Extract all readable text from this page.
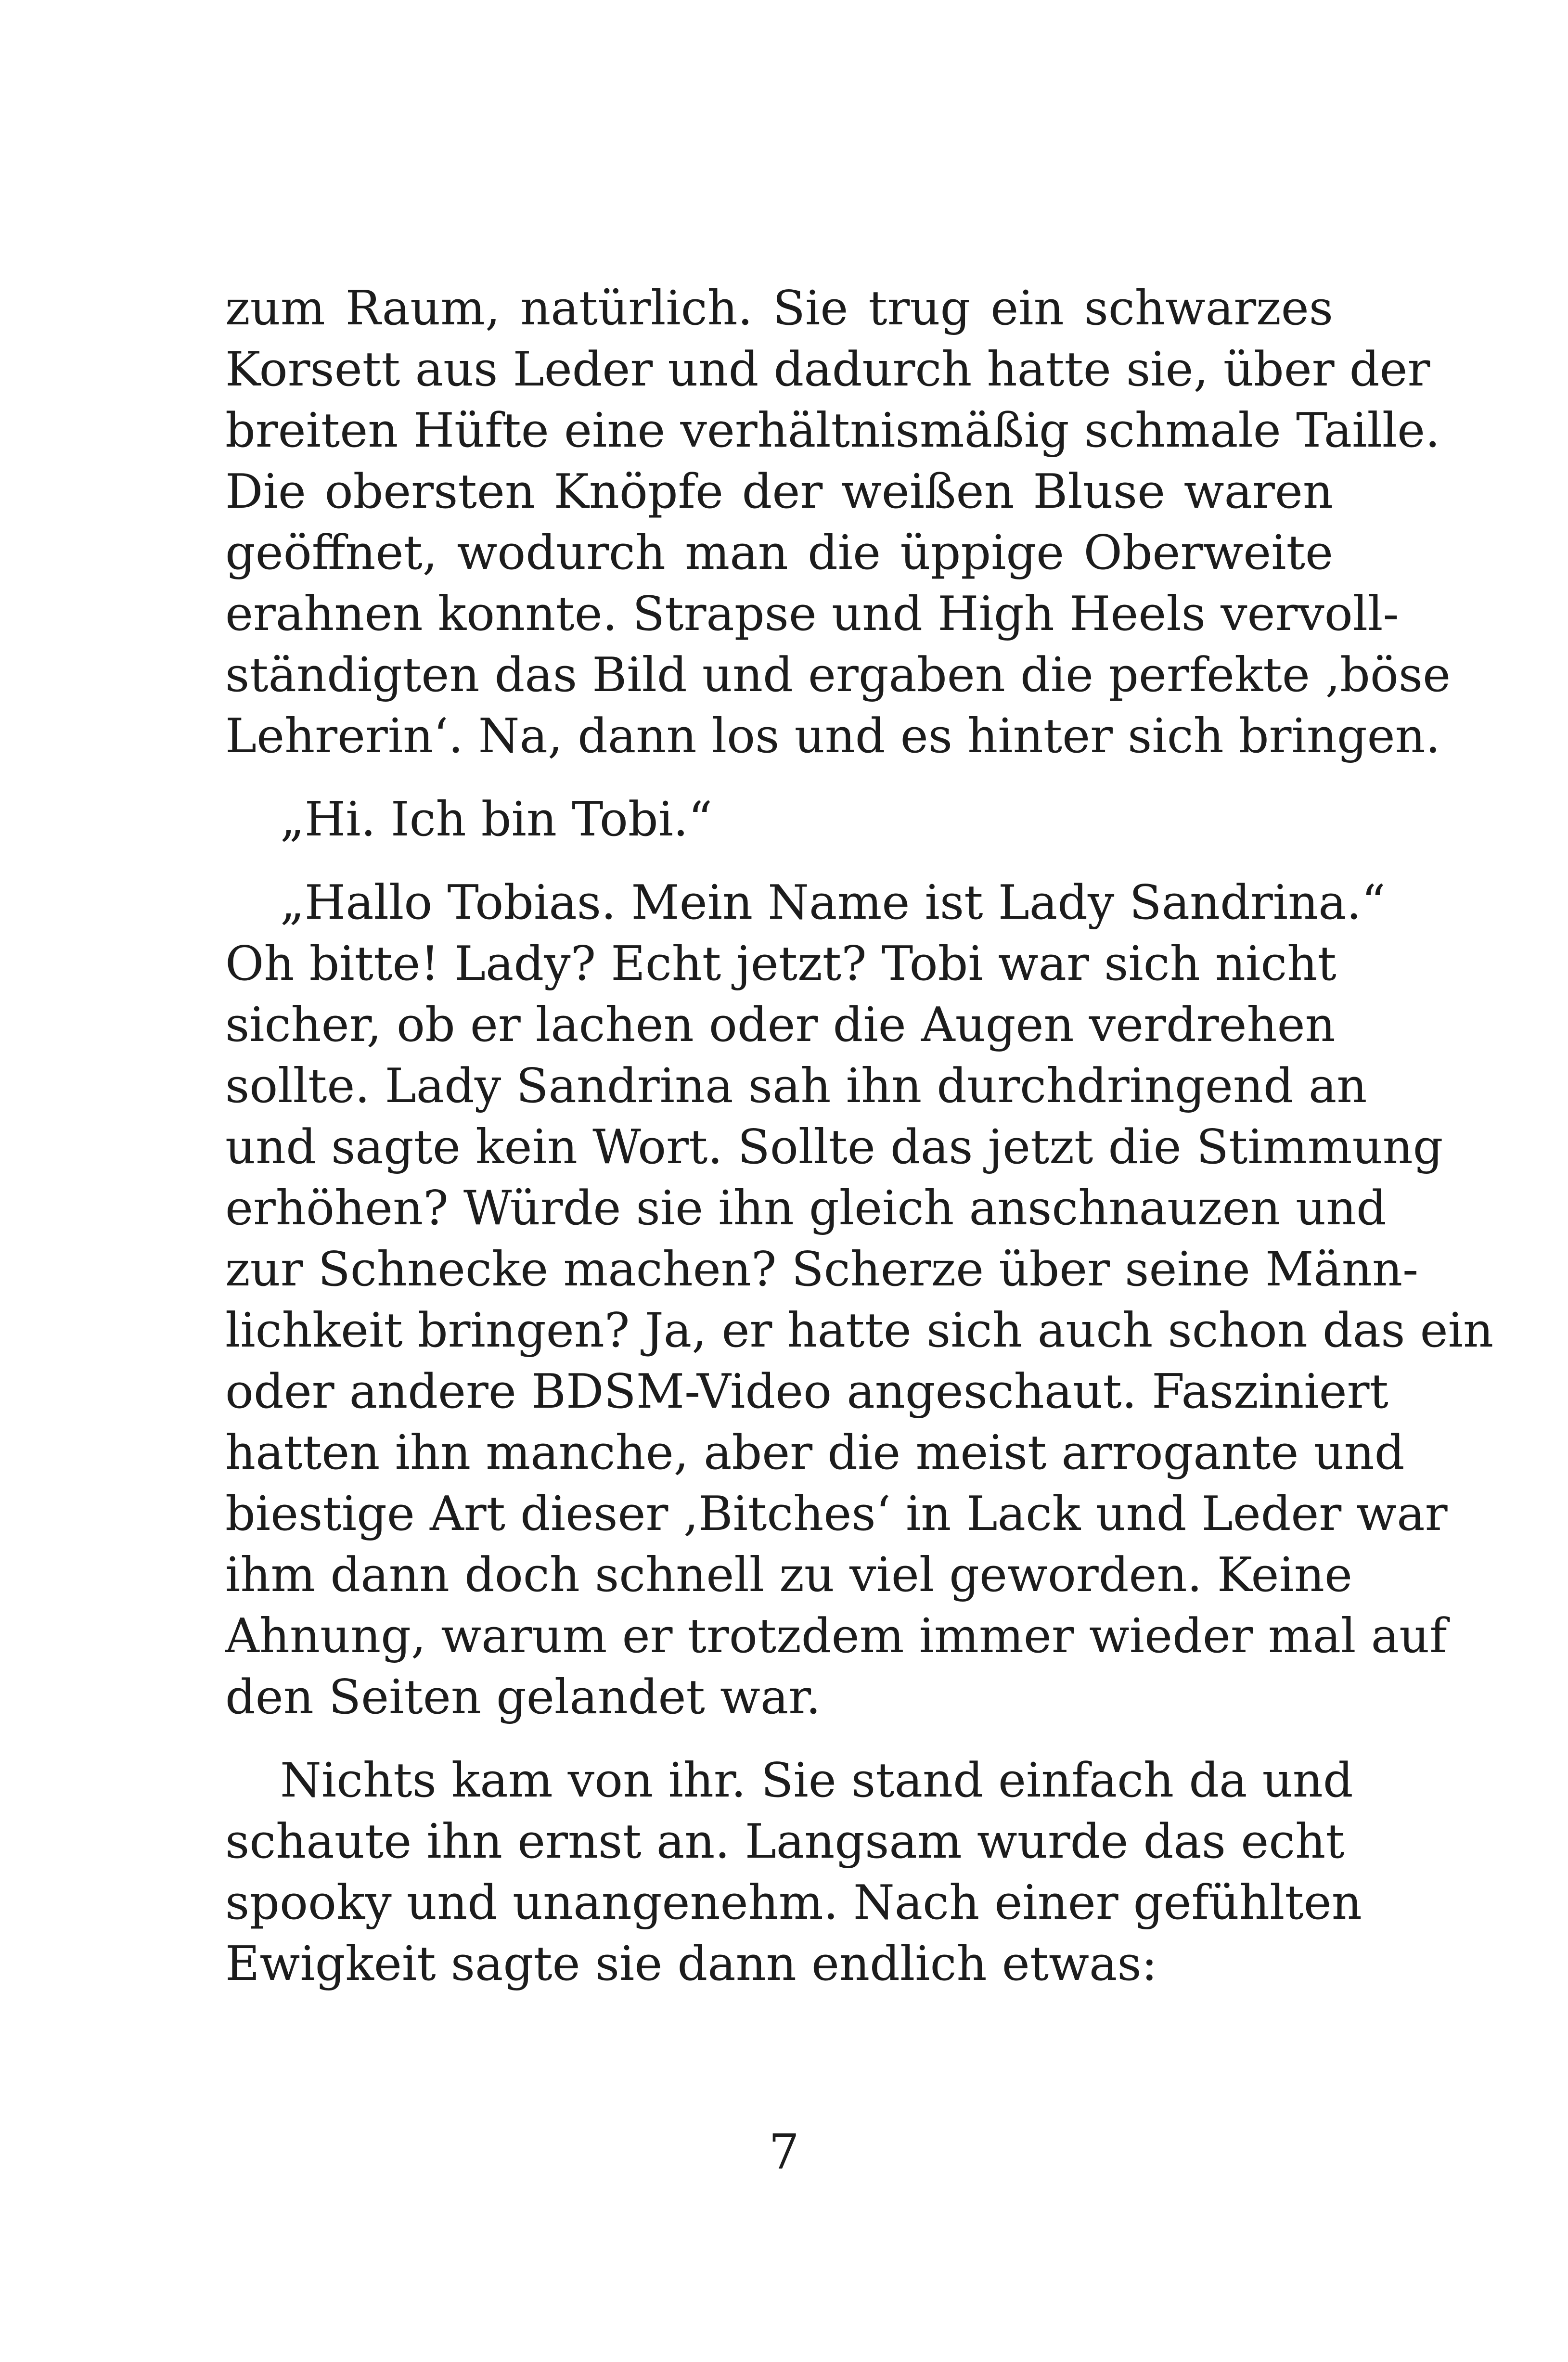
zum Raum, natürlich. Sie trug ein schwarzes
Korsett aus Leder und dadurch hatte sie, über der
breiten Hüfte eine verhältnismäßig schmale Taille.
Die obersten Knöpfe der weißen Bluse waren
geöffnet, wodurch man die üppige Oberweite
erahnen konnte. Strapse und High Heels vervoll-
ständigten das Bild und ergaben die perfekte ‚böse
Lehrerin‘. Na, dann los und es hinter sich bringen.
„Hi. Ich bin Tobi.“
„Hallo Tobias. Mein Name ist Lady Sandrina.“
Oh bitte! Lady? Echt jetzt? Tobi war sich nicht
sicher, ob er lachen oder die Augen verdrehen
sollte. Lady Sandrina sah ihn durchdringend an
und sagte kein Wort. Sollte das jetzt die Stimmung
erhöhen? Würde sie ihn gleich anschnauzen und
zur Schnecke machen? Scherze über seine Männ-
lichkeit bringen? Ja, er hatte sich auch schon das ein
oder andere BDSM-Video angeschaut. Fasziniert
hatten ihn manche, aber die meist arrogante und
biestige Art dieser ‚Bitches‘ in Lack und Leder war
ihm dann doch schnell zu viel geworden. Keine
Ahnung, warum er trotzdem immer wieder mal auf
den Seiten gelandet war.
Nichts kam von ihr. Sie stand einfach da und
schaute ihn ernst an. Langsam wurde das echt
spooky und unangenehm. Nach einer gefühlten
Ewigkeit sagte sie dann endlich etwas:
7
